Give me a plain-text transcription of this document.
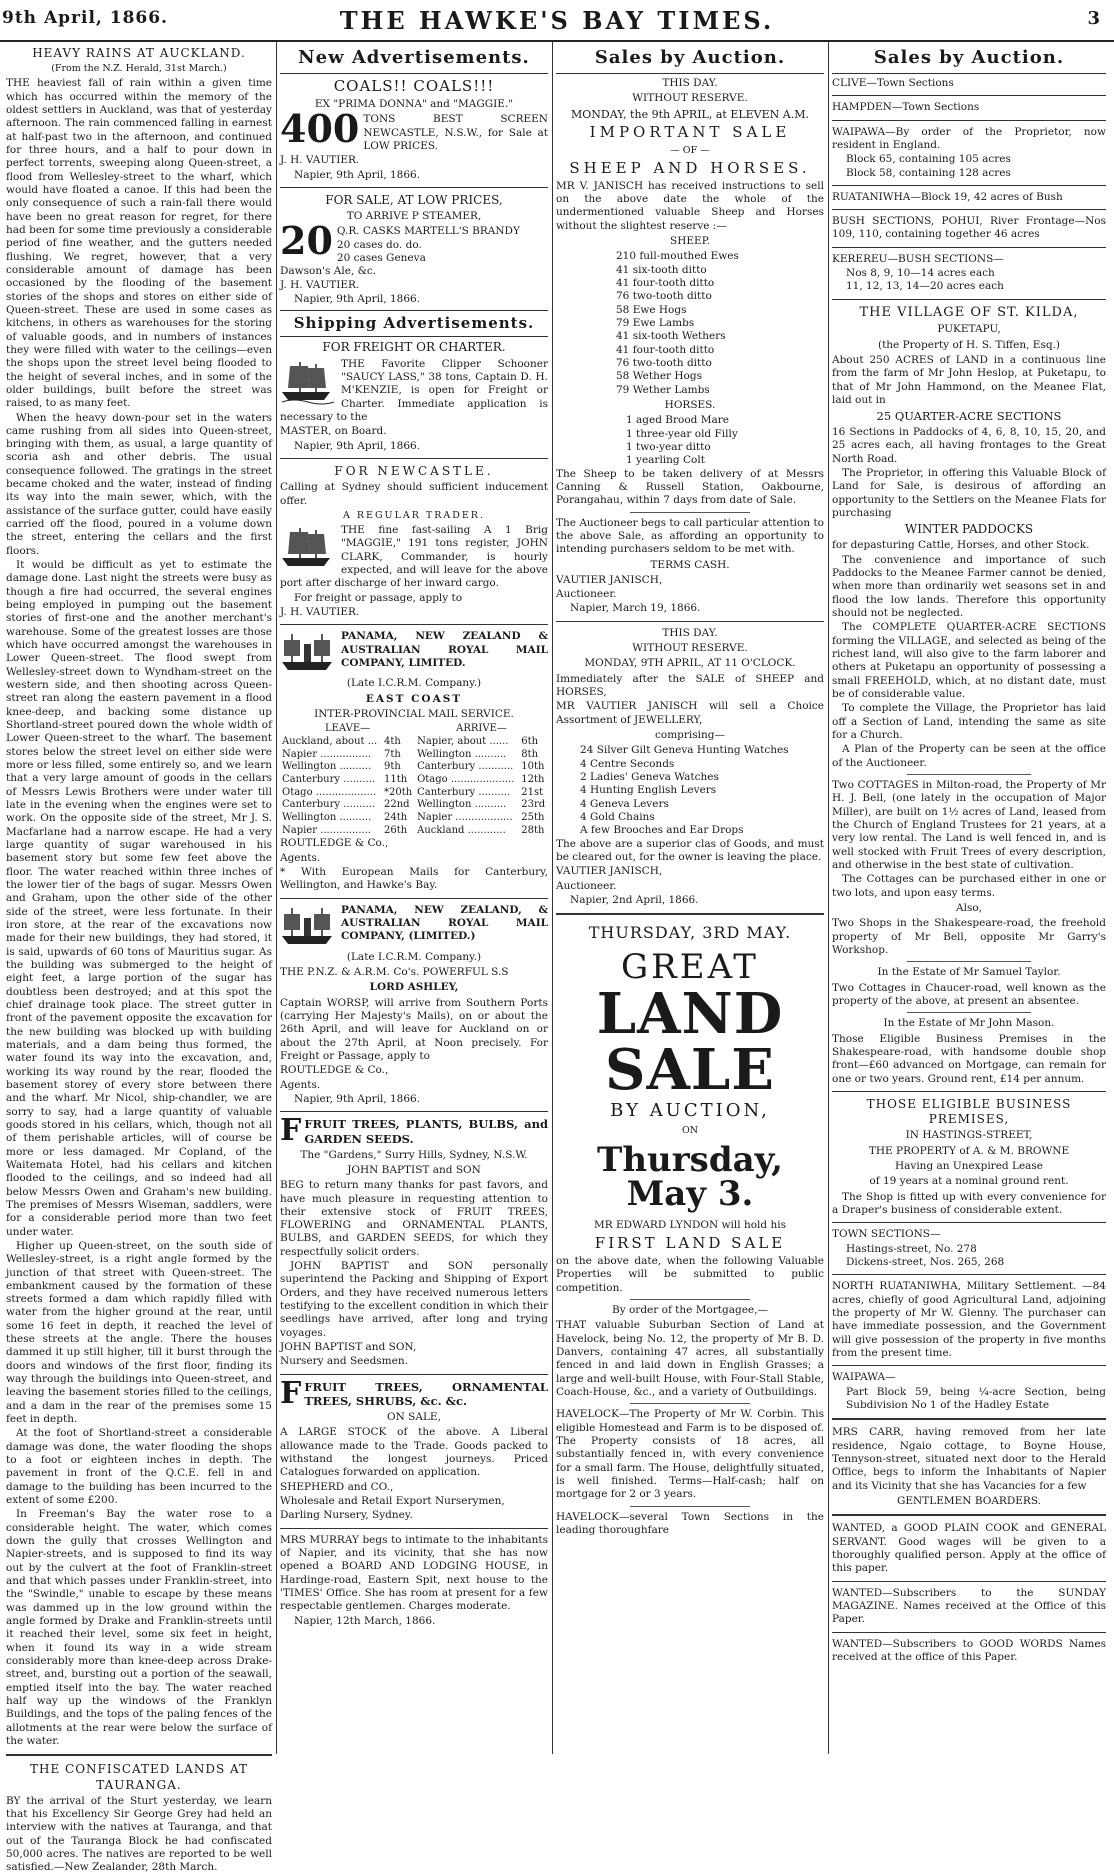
9th April, 1866.	THE HAWKE'S BAY TIMES.	3
HEAVY RAINS AT AUCKLAND.
(From the N.Z. Herald, 31st March.)

THE heaviest fall of rain within a given time which has occurred within the memory of the oldest settlers in Auckland, was that of yesterday afternoon. The rain commenced falling in earnest at half-past two in the afternoon, and continued for three hours, and a half to pour down in perfect torrents, sweeping along Queen-street, a flood from Wellesley-street to the wharf, which would have floated a canoe. If this had been the only consequence of such a rain-fall there would have been no great reason for regret, for there had been for some time previously a considerable period of fine weather, and the gutters needed flushing. We regret, however, that a very considerable amount of damage has been occasioned by the flooding of the basement stories of the shops and stores on either side of Queen-street. These are used in some cases as kitchens, in others as warehouses for the storing of valuable goods, and in numbers of instances they were filled with water to the ceilings—even the shops upon the street level being flooded to the height of several inches, and in some of the older buildings, built before the street was raised, to as many feet.

When the heavy down-pour set in the waters came rushing from all sides into Queen-street, bringing with them, as usual, a large quantity of scoria ash and other debris. The usual consequence followed. The gratings in the street became choked and the water, instead of finding its way into the main sewer, which, with the assistance of the surface gutter, could have easily carried off the flood, poured in a volume down the street, entering the cellars and the first floors.

It would be difficult as yet to estimate the damage done. Last night the streets were busy as though a fire had occurred, the several engines being employed in pumping out the basement stories of first-one and the another merchant's warehouse. Some of the greatest losses are those which have occurred amongst the warehouses in Lower Queen-street. The flood swept from Wellesley-street down to Wyndham-street on the western side, and then shooting across Queen-street ran along the eastern pavement in a flood knee-deep, and backing some distance up Shortland-street poured down the whole width of Lower Queen-street to the wharf. The basement stores below the street level on either side were more or less filled, some entirely so, and we learn that a very large amount of goods in the cellars of Messrs Lewis Brothers were under water till late in the evening when the engines were set to work. On the opposite side of the street, Mr J. S. Macfarlane had a narrow escape. He had a very large quantity of sugar warehoused in his basement story but some few feet above the floor. The water reached within three inches of the lower tier of the bags of sugar. Messrs Owen and Graham, upon the other side of the other side of the street, were less fortunate. In their iron store, at the rear of the excavations now made for their new buildings, they had stored, it is said, upwards of 60 tons of Mauritius sugar. As the building was submerged to the height of eight feet, a large portion of the sugar has doubtless been destroyed; and at this spot the chief drainage took place. The street gutter in front of the pavement opposite the excavation for the new building was blocked up with building materials, and a dam being thus formed, the water found its way into the excavation, and, working its way round by the rear, flooded the basement storey of every store between there and the wharf. Mr Nicol, ship-chandler, we are sorry to say, had a large quantity of valuable goods stored in his cellars, which, though not all of them perishable articles, will of course be more or less damaged. Mr Copland, of the Waitemata Hotel, had his cellars and kitchen flooded to the ceilings, and so indeed had all below Messrs Owen and Graham's new building. The premises of Messrs Wiseman, saddlers, were for a considerable period more than two feet under water.

Higher up Queen-street, on the south side of Wellesley-street, is a right angle formed by the junction of that street with Queen-street. The embankment caused by the formation of these streets formed a dam which rapidly filled with water from the higher ground at the rear, until some 16 feet in depth, it reached the level of these streets at the angle. There the houses dammed it up still higher, till it burst through the doors and windows of the first floor, finding its way through the buildings into Queen-street, and leaving the basement stories filled to the ceilings, and a dam in the rear of the premises some 15 feet in depth.

At the foot of Shortland-street a considerable damage was done, the water flooding the shops to a foot or eighteen inches in depth. The pavement in front of the Q.C.E. fell in and damage to the building has been incurred to the extent of some £200.

In Freeman's Bay the water rose to a considerable height. The water, which comes down the gully that crosses Wellington and Napier-streets, and is supposed to find its way out by the culvert at the foot of Franklin-street and that which passes under Franklin-street, into the "Swindle," unable to escape by these means was dammed up in the low ground within the angle formed by Drake and Franklin-streets until it reached their level, some six feet in height, when it found its way in a wide stream considerably more than knee-deep across Drake-street, and, bursting out a portion of the seawall, emptied itself into the bay. The water reached half way up the windows of the Franklyn Buildings, and the tops of the paling fences of the allotments at the rear were below the surface of the water.

THE CONFISCATED LANDS AT TAURANGA.

BY the arrival of the Sturt yesterday, we learn that his Excellency Sir George Grey had held an interview with the natives at Tauranga, and that out of the Tauranga Block he had confiscated 50,000 acres. The natives are reported to be well satisfied.—New Zealander, 28th March.

New Advertisements.
COALS!! COALS!!!
EX "PRIMA DONNA" and "MAGGIE."
400 TONS BEST SCREEN NEWCASTLE, N.S.W., for Sale at LOW PRICES.

J. H. VAUTIER.

Napier, 9th April, 1866.

FOR SALE, AT LOW PRICES,
TO ARRIVE P STEAMER,
20 Q.R. CASKS MARTELL'S BRANDY
20 cases do. do.
20 cases Geneva
Dawson's Ale, &c.

J. H. VAUTIER.

Napier, 9th April, 1866.

Shipping Advertisements.
FOR FREIGHT OR CHARTER.

THE Favorite Clipper Schooner "SAUCY LASS," 38 tons, Captain D. H. M'KENZIE, is open for Freight or Charter. Immediate application is necessary to the

MASTER, on Board.

Napier, 9th April, 1866.

FOR NEWCASTLE.

Calling at Sydney should sufficient inducement offer.

A REGULAR TRADER.

THE fine fast-sailing A 1 Brig "MAGGIE," 191 tons register, JOHN CLARK, Commander, is hourly expected, and will leave for the above port after discharge of her inward cargo.

For freight or passage, apply to

J. H. VAUTIER.

PANAMA, NEW ZEALAND & AUSTRALIAN ROYAL MAIL COMPANY, LIMITED.

(Late I.C.R.M. Company.)
EAST COAST
INTER-PROVINCIAL MAIL SERVICE.
LEAVE—		ARRIVE—	
Auckland, about ...	4th	Napier, about ......	6th
Napier ................	7th	Wellington ..........	8th
Wellington ..........	9th	Canterbury ...........	10th
Canterbury ..........	11th	Otago ....................	12th
Otago ...................	*20th	Canterbury ..........	21st
Canterbury ..........	22nd	Wellington ..........	23rd
Wellington ..........	24th	Napier ..................	25th
Napier ................	26th	Auckland ............	28th

ROUTLEDGE & Co.,

Agents.

* With European Mails for Canterbury, Wellington, and Hawke's Bay.

PANAMA, NEW ZEALAND, & AUSTRALIAN ROYAL MAIL COMPANY, (LIMITED.)

(Late I.C.R.M. Company.)

THE P.N.Z. & A.R.M. Co's. POWERFUL S.S

LORD ASHLEY,

Captain WORSP, will arrive from Southern Ports (carrying Her Majesty's Mails), on or about the 26th April, and will leave for Auckland on or about the 27th April, at Noon precisely. For Freight or Passage, apply to

ROUTLEDGE & Co.,

Agents.

Napier, 9th April, 1866.

F FRUIT TREES, PLANTS, BULBS, and GARDEN SEEDS.

The "Gardens," Surry Hills, Sydney, N.S.W.
JOHN BAPTIST and SON

BEG to return many thanks for past favors, and have much pleasure in requesting attention to their extensive stock of FRUIT TREES, FLOWERING and ORNAMENTAL PLANTS, BULBS, and GARDEN SEEDS, for which they respectfully solicit orders.

JOHN BAPTIST and SON personally superintend the Packing and Shipping of Export Orders, and they have received numerous letters testifying to the excellent condition in which their seedlings have arrived, after long and trying voyages.

JOHN BAPTIST and SON,

Nursery and Seedsmen.

F FRUIT TREES, ORNAMENTAL TREES, SHRUBS, &c. &c.

ON SALE,

A LARGE STOCK of the above. A Liberal allowance made to the Trade. Goods packed to withstand the longest journeys. Priced Catalogues forwarded on application.

SHEPHERD and CO.,

Wholesale and Retail Export Nurserymen,

Darling Nursery, Sydney.

MRS MURRAY begs to intimate to the inhabitants of Napier, and its vicinity, that she has now opened a BOARD AND LODGING HOUSE, in Hardinge-road, Eastern Spit, next house to the 'TIMES' Office. She has room at present for a few respectable gentlemen. Charges moderate.

Napier, 12th March, 1866.

Sales by Auction.
THIS DAY.
WITHOUT RESERVE.
MONDAY, the 9th APRIL, at ELEVEN A.M.
IMPORTANT SALE
— OF —
SHEEP AND HORSES.

MR V. JANISCH has received instructions to sell on the above date the whole of the undermentioned valuable Sheep and Horses without the slightest reserve :—

SHEEP.
210 full-mouthed Ewes
41 six-tooth ditto
41 four-tooth ditto
76 two-tooth ditto
58 Ewe Hogs
79 Ewe Lambs
41 six-tooth Wethers
41 four-tooth ditto
76 two-tooth ditto
58 Wether Hogs
79 Wether Lambs
HORSES.
1 aged Brood Mare
1 three-year old Filly
1 two-year ditto
1 yearling Colt

The Sheep to be taken delivery of at Messrs Canning & Russell Station, Oakbourne, Porangahau, within 7 days from date of Sale.

The Auctioneer begs to call particular attention to the above Sale, as affording an opportunity to intending purchasers seldom to be met with.

TERMS CASH.

VAUTIER JANISCH,

Auctioneer.

Napier, March 19, 1866.

THIS DAY.
WITHOUT RESERVE.
MONDAY, 9TH APRIL, AT 11 O'CLOCK.

Immediately after the SALE of SHEEP and HORSES,

MR VAUTIER JANISCH will sell a Choice Assortment of JEWELLERY,

comprising—
24 Silver Gilt Geneva Hunting Watches
4 Centre Seconds
2 Ladies' Geneva Watches
4 Hunting English Levers
4 Geneva Levers
4 Gold Chains
A few Brooches and Ear Drops

The above are a superior clas of Goods, and must be cleared out, for the owner is leaving the place.

VAUTIER JANISCH,

Auctioneer.

Napier, 2nd April, 1866.

THURSDAY, 3RD MAY.
GREAT
LAND SALE
BY AUCTION,
ON
Thursday, May 3.
MR EDWARD LYNDON will hold his
FIRST LAND SALE

on the above date, when the following Valuable Properties will be submitted to public competition.

By order of the Mortgagee,—

THAT valuable Suburban Section of Land at Havelock, being No. 12, the property of Mr B. D. Danvers, containing 47 acres, all substantially fenced in and laid down in English Grasses; a large and well-built House, with Four-Stall Stable, Coach-House, &c., and a variety of Outbuildings.

HAVELOCK—The Property of Mr W. Corbin. This eligible Homestead and Farm is to be disposed of. The Property consists of 18 acres, all substantially fenced in, with every convenience for a small farm. The House, delightfully situated, is well finished. Terms—Half-cash; half on mortgage for 2 or 3 years.

HAVELOCK—several Town Sections in the leading thoroughfare

Sales by Auction.

CLIVE—Town Sections

HAMPDEN—Town Sections

WAIPAWA—By order of the Proprietor, now resident in England.

Block 65, containing 105 acres
Block 58, containing 128 acres

RUATANIWHA—Block 19, 42 acres of Bush

BUSH SECTIONS, POHUI, River Frontage—Nos 109, 110, containing together 46 acres

KEREREU—BUSH SECTIONS—

Nos 8, 9, 10—14 acres each
11, 12, 13, 14—20 acres each
THE VILLAGE OF ST. KILDA,
PUKETAPU,
(the Property of H. S. Tiffen, Esq.)

About 250 ACRES of LAND in a continuous line from the farm of Mr John Heslop, at Puketapu, to that of Mr John Hammond, on the Meanee Flat, laid out in

25 QUARTER-ACRE SECTIONS

16 Sections in Paddocks of 4, 6, 8, 10, 15, 20, and 25 acres each, all having frontages to the Great North Road.

The Proprietor, in offering this Valuable Block of Land for Sale, is desirous of affording an opportunity to the Settlers on the Meanee Flats for purchasing

WINTER PADDOCKS

for depasturing Cattle, Horses, and other Stock.

The convenience and importance of such Paddocks to the Meanee Farmer cannot be denied, when more than ordinarily wet seasons set in and flood the low lands. Therefore this opportunity should not be neglected.

The COMPLETE QUARTER-ACRE SECTIONS forming the VILLAGE, and selected as being of the richest land, will also give to the farm laborer and others at Puketapu an opportunity of possessing a small FREEHOLD, which, at no distant date, must be of considerable value.

To complete the Village, the Proprietor has laid off a Section of Land, intending the same as site for a Church.

A Plan of the Property can be seen at the office of the Auctioneer.

Two COTTAGES in Milton-road, the Property of Mr H. J. Bell, (one lately in the occupation of Major Miller), are built on 1½ acres of Land, leased from the Church of England Trustees for 21 years, at a very low rental. The Land is well fenced in, and is well stocked with Fruit Trees of every description, and otherwise in the best state of cultivation.

The Cottages can be purchased either in one or two lots, and upon easy terms.

Also,

Two Shops in the Shakespeare-road, the freehold property of Mr Bell, opposite Mr Garry's Workshop.

In the Estate of Mr Samuel Taylor.

Two Cottages in Chaucer-road, well known as the property of the above, at present an absentee.

In the Estate of Mr John Mason.

Those Eligible Business Premises in the Shakespeare-road, with handsome double shop front—£60 advanced on Mortgage, can remain for one or two years. Ground rent, £14 per annum.

THOSE ELIGIBLE BUSINESS PREMISES,
IN HASTINGS-STREET,
THE PROPERTY of A. & M. BROWNE
Having an Unexpired Lease
of 19 years at a nominal ground rent.

The Shop is fitted up with every convenience for a Draper's business of considerable extent.

TOWN SECTIONS—

Hastings-street, No. 278
Dickens-street, Nos. 265, 268

NORTH RUATANIWHA, Military Settlement. —84 acres, chiefly of good Agricultural Land, adjoining the property of Mr W. Glenny. The purchaser can have immediate possession, and the Government will give possession of the property in five months from the present time.

WAIPAWA—

Part Block 59, being ¼-acre Section, being Subdivision No 1 of the Hadley Estate

MRS CARR, having removed from her late residence, Ngaio cottage, to Boyne House, Tennyson-street, situated next door to the Herald Office, begs to inform the Inhabitants of Napier and its Vicinity that she has Vacancies for a few

GENTLEMEN BOARDERS.

WANTED, a GOOD PLAIN COOK and GENERAL SERVANT. Good wages will be given to a thoroughly qualified person. Apply at the office of this paper.

WANTED—Subscribers to the SUNDAY MAGAZINE. Names received at the Office of this Paper.

WANTED—Subscribers to GOOD WORDS Names received at the office of this Paper.
